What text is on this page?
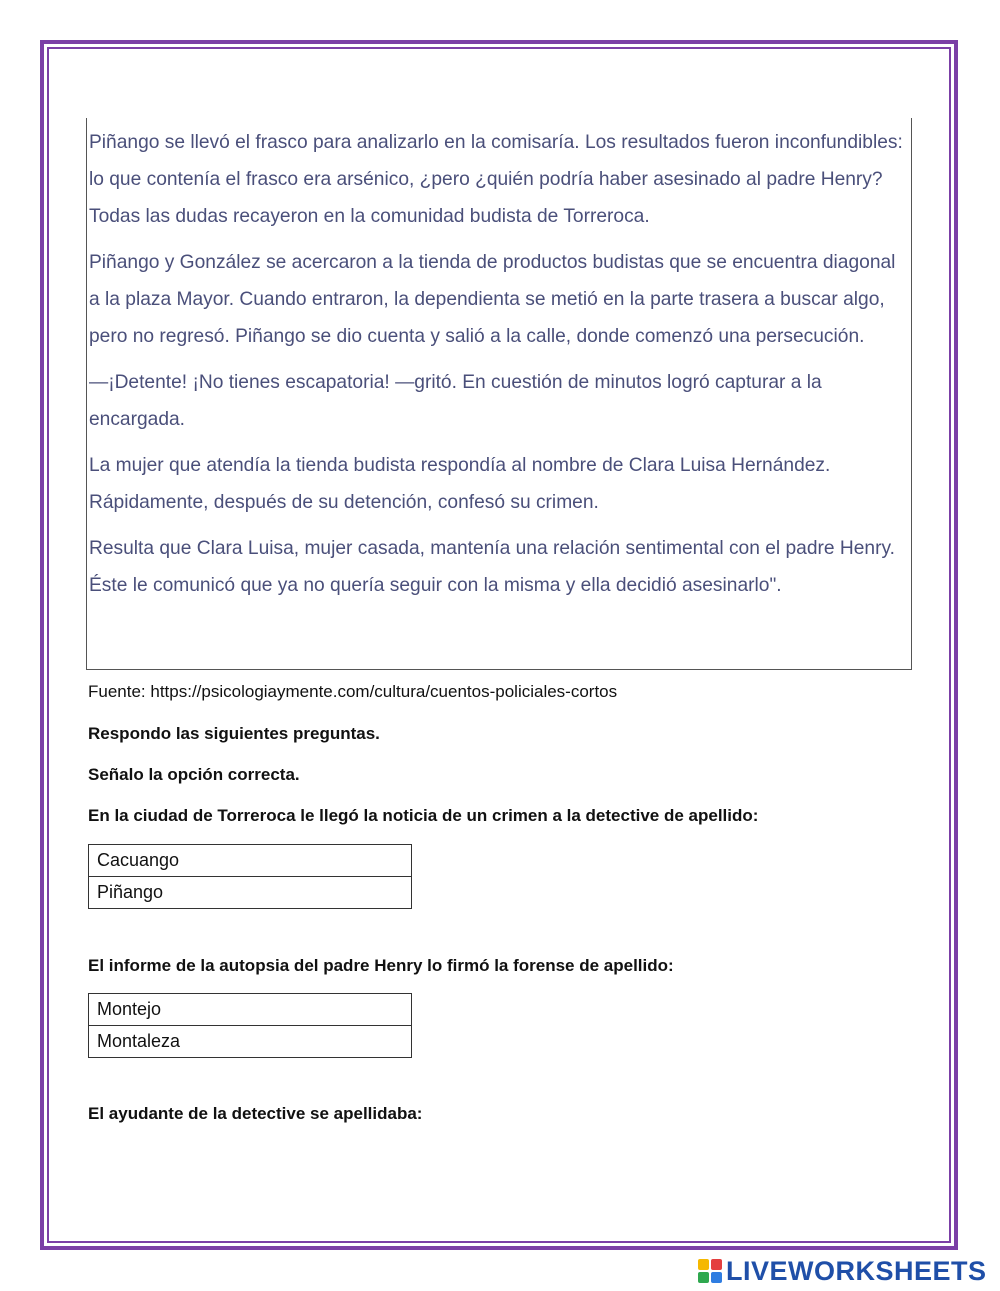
Piñango se llevó el frasco para analizarlo en la comisaría. Los resultados fueron inconfundibles: lo que contenía el frasco era arsénico, ¿pero ¿quién podría haber asesinado al padre Henry? Todas las dudas recayeron en la comunidad budista de Torreroca.

Piñango y González se acercaron a la tienda de productos budistas que se encuentra diagonal a la plaza Mayor. Cuando entraron, la dependienta se metió en la parte trasera a buscar algo, pero no regresó. Piñango se dio cuenta y salió a la calle, donde comenzó una persecución.

—¡Detente! ¡No tienes escapatoria! —gritó. En cuestión de minutos logró capturar a la encargada.

La mujer que atendía la tienda budista respondía al nombre de Clara Luisa Hernández. Rápidamente, después de su detención, confesó su crimen.

Resulta que Clara Luisa, mujer casada, mantenía una relación sentimental con el padre Henry. Éste le comunicó que ya no quería seguir con la misma y ella decidió asesinarlo".

Fuente: https://psicologiaymente.com/cultura/cuentos-policiales-cortos
Respondo las siguientes preguntas.
Señalo la opción correcta.
En la ciudad de Torreroca le llegó la noticia de un crimen a la detective de apellido:
Cacuango
Piñango
El informe de la autopsia del padre Henry lo firmó la forense de apellido:
Montejo
Montaleza
El ayudante de la detective se apellidaba:
LIVEWORKSHEETS
